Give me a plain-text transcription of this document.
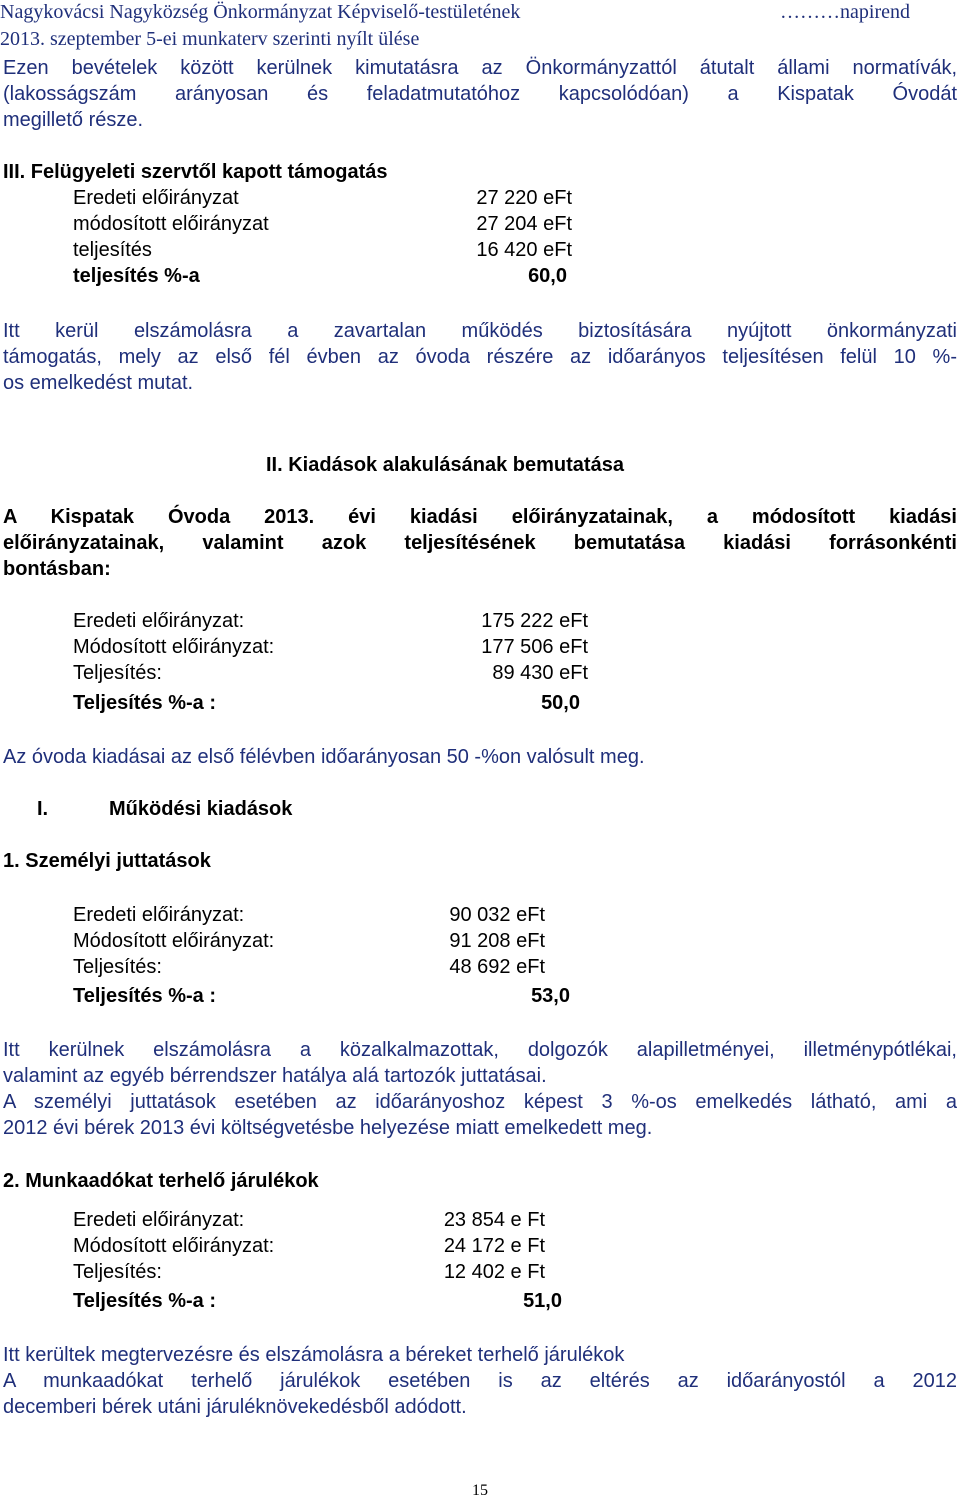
Nagykovácsi Nagyközség Önkormányzat Képviselő-testületének	………napirend
2013. szeptember 5-ei munkaterv szerinti nyílt ülése
Ezen bevételek között kerülnek kimutatásra az Önkormányzattól átutalt állami normatívák,
(lakosságszám arányosan és feladatmutatóhoz kapcsolódóan) a Kispatak Óvodát
megillető része.
III. Felügyeleti szervtől kapott támogatás
Eredeti előirányzat	27 220 eFt
módosított előirányzat	27 204 eFt
teljesítés	16 420 eFt
teljesítés %-a	60,0
Itt kerül elszámolásra a zavartalan működés biztosítására nyújtott önkormányzati
támogatás, mely az első fél évben az óvoda részére az időarányos teljesítésen felül 10 %-
os emelkedést mutat.
II. Kiadások alakulásának bemutatása
A Kispatak Óvoda 2013. évi kiadási előirányzatainak, a módosított kiadási
előirányzatainak, valamint azok teljesítésének bemutatása kiadási forrásonkénti
bontásban:
Eredeti előirányzat:	175 222 eFt
Módosított előirányzat:	177 506 eFt
Teljesítés:	89 430 eFt
Teljesítés %-a :	50,0
Az óvoda kiadásai az első félévben időarányosan 50 -%on valósult meg.
I.	Működési kiadások
1. Személyi juttatások
Eredeti előirányzat:	90 032 eFt
Módosított előirányzat:	91 208 eFt
Teljesítés:	48 692 eFt
Teljesítés %-a :	53,0
Itt kerülnek elszámolásra a közalkalmazottak, dolgozók alapilletményei, illetménypótlékai,
valamint az egyéb bérrendszer hatálya alá tartozók juttatásai.
A személyi juttatások esetében az időarányoshoz képest 3 %-os emelkedés látható, ami a
2012 évi bérek 2013 évi költségvetésbe helyezése miatt emelkedett meg.
2. Munkaadókat terhelő járulékok
Eredeti előirányzat:	23 854 e Ft
Módosított előirányzat:	24 172 e Ft
Teljesítés:	12 402 e Ft
Teljesítés %-a :	51,0
Itt kerültek megtervezésre és elszámolásra a béreket terhelő járulékok
A munkaadókat terhelő járulékok esetében is az eltérés az időarányostól a 2012
decemberi bérek utáni járuléknövekedésből adódott.
15
